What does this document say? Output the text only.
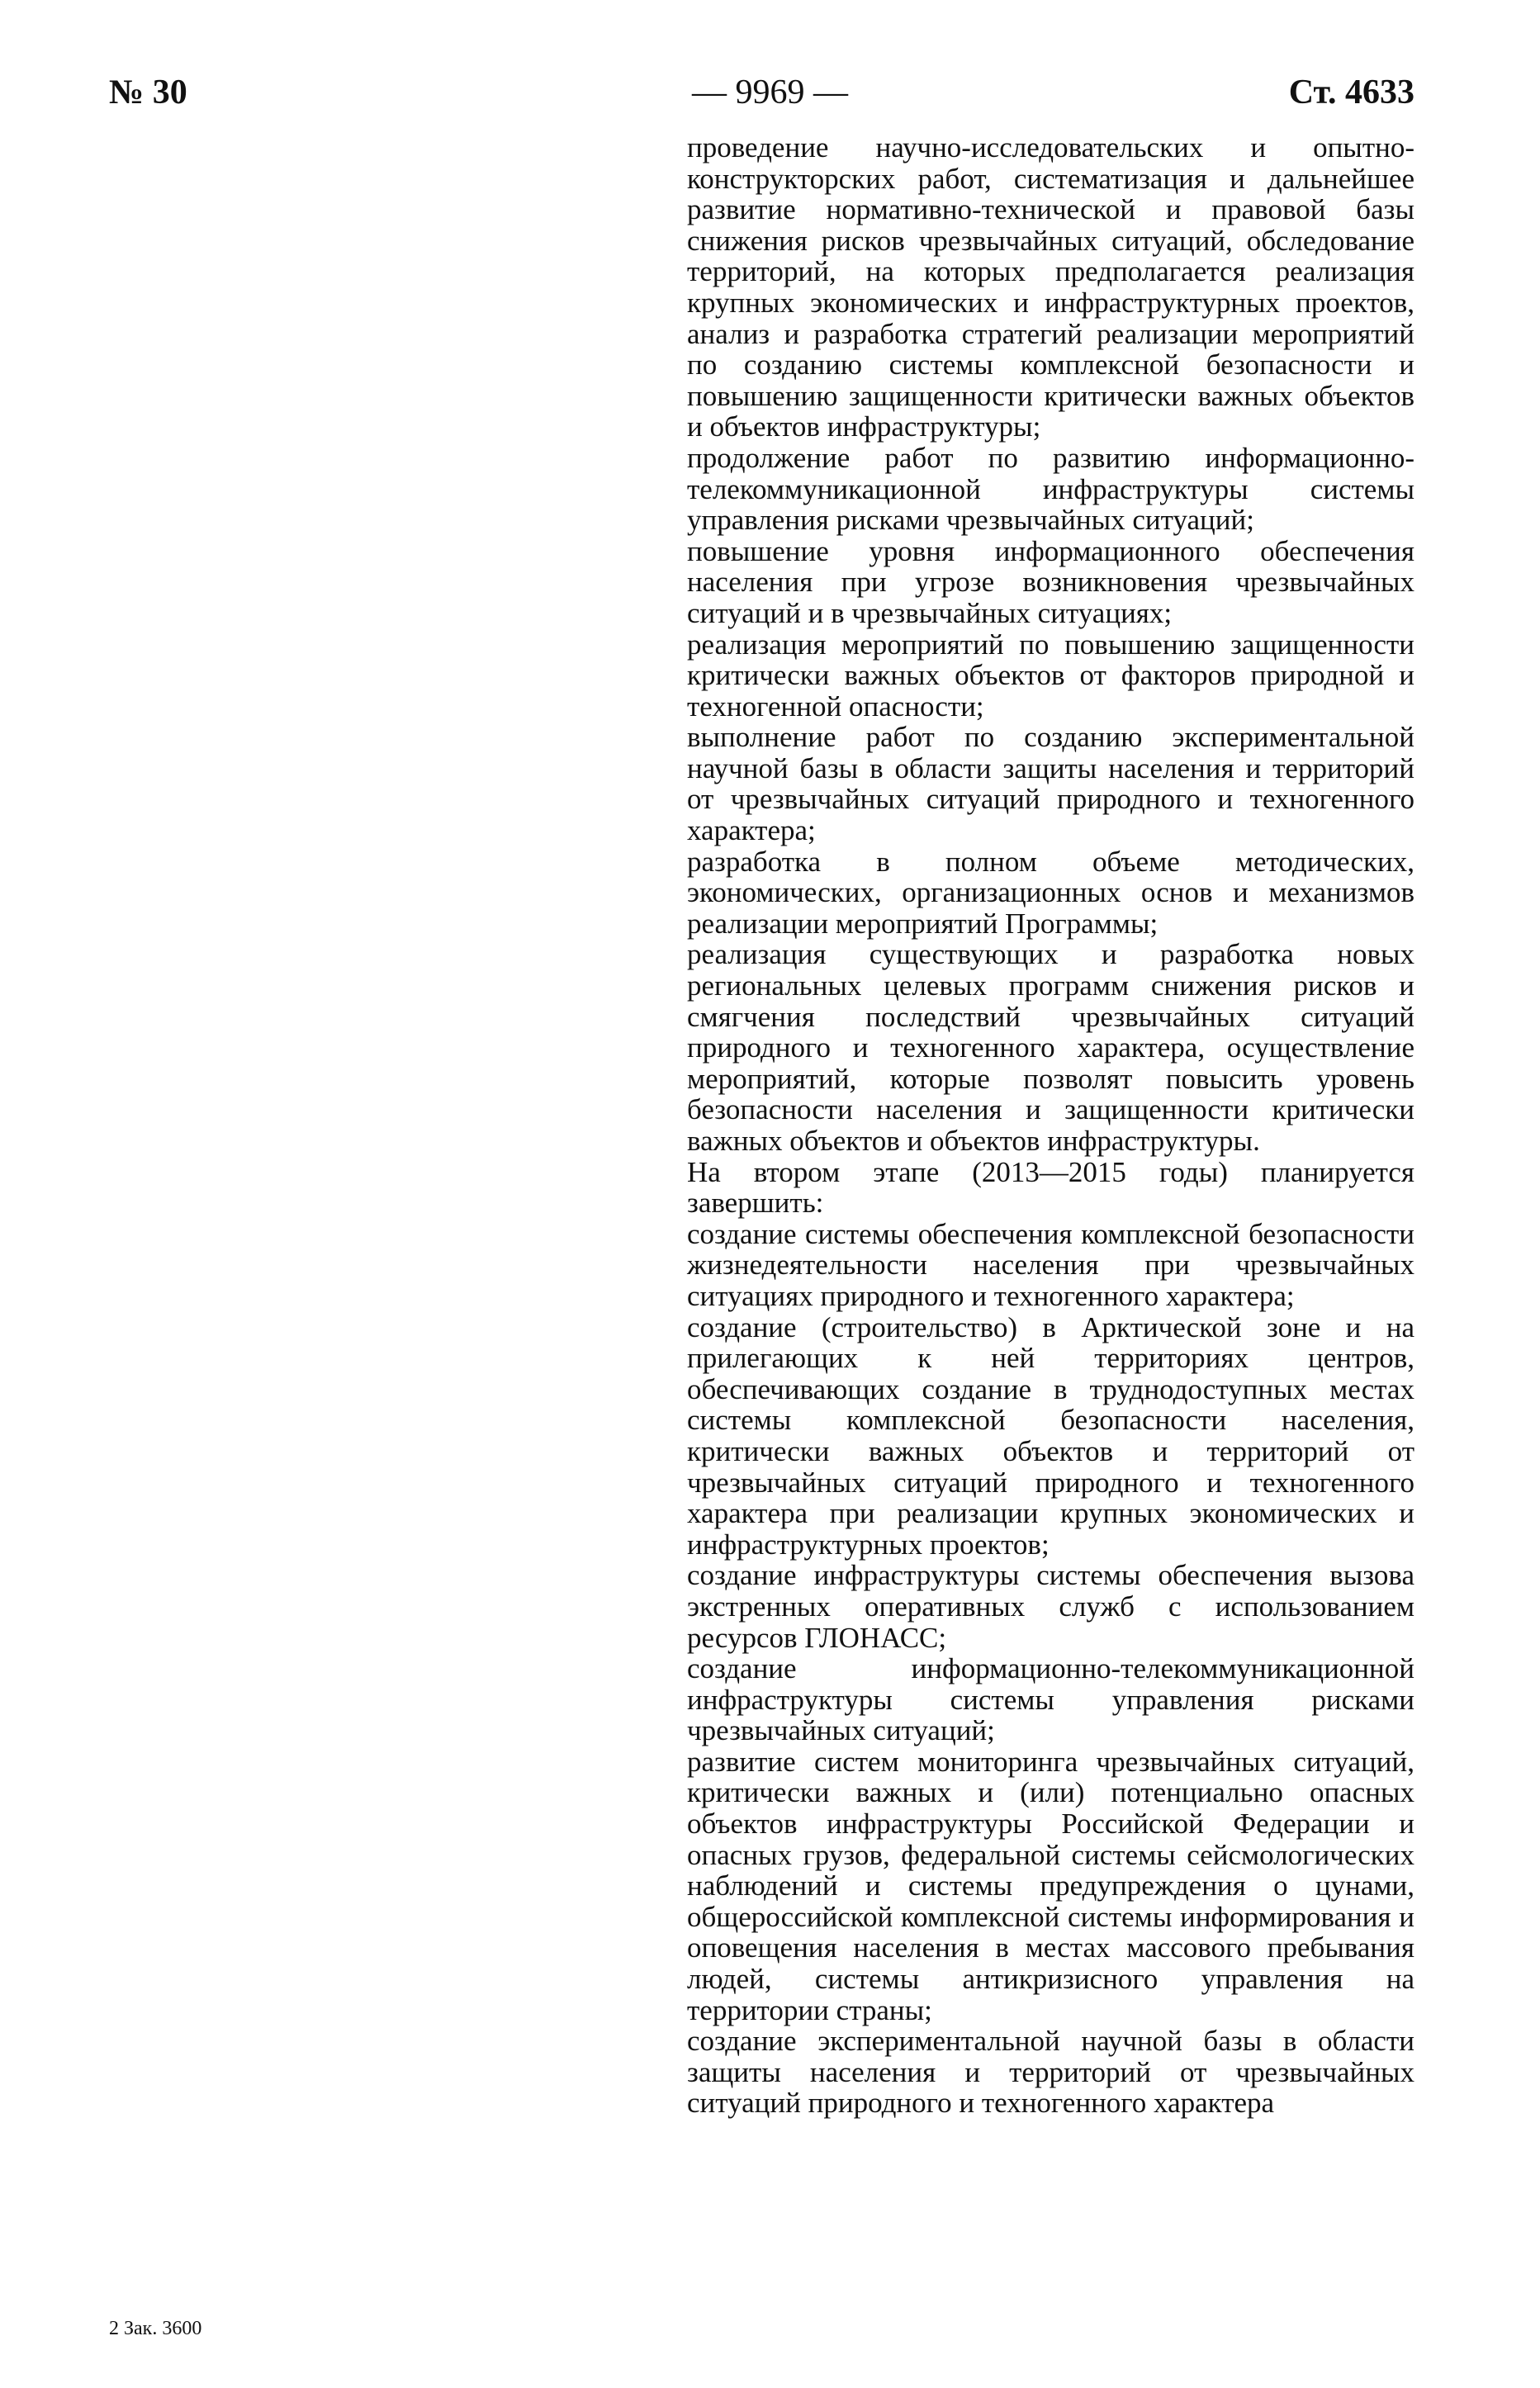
№ 30	— 9969 —	Ст. 4633

проведение научно-исследовательских и опытно-конструкторских работ, систематизация и дальнейшее развитие нормативно-технической и правовой базы снижения рисков чрезвычайных ситуаций, обследование территорий, на которых предполагается реализация крупных экономических и инфраструктурных проектов, анализ и разработка стратегий реализации мероприятий по созданию системы комплексной безопасности и повышению защищенности критически важных объектов и объектов инфраструктуры;

продолжение работ по развитию информационно-телекоммуникационной инфраструктуры системы управления рисками чрезвычайных ситуаций;

повышение уровня информационного обеспечения населения при угрозе возникновения чрезвычайных ситуаций и в чрезвычайных ситуациях;

реализация мероприятий по повышению защищенности критически важных объектов от факторов природной и техногенной опасности;

выполнение работ по созданию экспериментальной научной базы в области защиты населения и территорий от чрезвычайных ситуаций природного и техногенного характера;

разработка в полном объеме методических, экономических, организационных основ и механизмов реализации мероприятий Программы;

реализация существующих и разработка новых региональных целевых программ снижения рисков и смягчения последствий чрезвычайных ситуаций природного и техногенного характера, осуществление мероприятий, которые позволят повысить уровень безопасности населения и защищенности критически важных объектов и объектов инфраструктуры.

На втором этапе (2013—2015 годы) планируется завершить:

создание системы обеспечения комплексной безопасности жизнедеятельности населения при чрезвычайных ситуациях природного и техногенного характера;

создание (строительство) в Арктической зоне и на прилегающих к ней территориях центров, обеспечивающих создание в труднодоступных местах системы комплексной безопасности населения, критически важных объектов и территорий от чрезвычайных ситуаций природного и техногенного характера при реализации крупных экономических и инфраструктурных проектов;

создание инфраструктуры системы обеспечения вызова экстренных оперативных служб с использованием ресурсов ГЛОНАСС;

создание информационно-телекоммуникационной инфраструктуры системы управления рисками чрезвычайных ситуаций;

развитие систем мониторинга чрезвычайных ситуаций, критически важных и (или) потенциально опасных объектов инфраструктуры Российской Федерации и опасных грузов, федеральной системы сейсмологических наблюдений и системы предупреждения о цунами, общероссийской комплексной системы информирования и оповещения населения в местах массового пребывания людей, системы антикризисного управления на территории страны;

создание экспериментальной научной базы в области защиты населения и территорий от чрезвычайных ситуаций природного и техногенного характера

2 Зак. 3600
